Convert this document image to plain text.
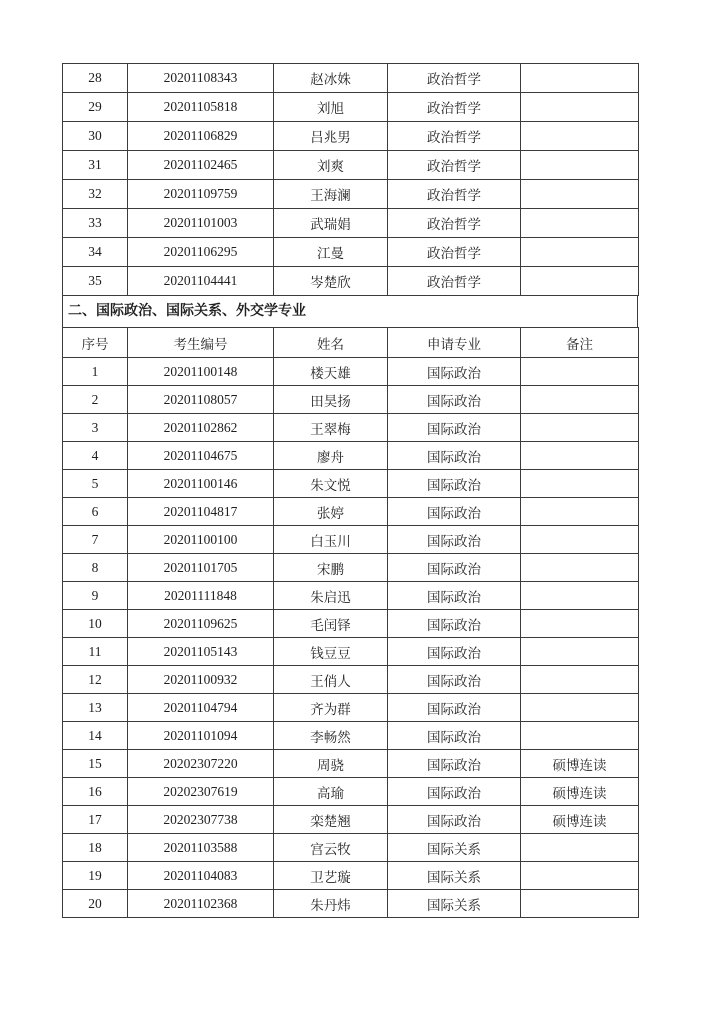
28	20201108343	赵冰姝	政治哲学	
29	20201105818	刘旭	政治哲学	
30	20201106829	吕兆男	政治哲学	
31	20201102465	刘爽	政治哲学	
32	20201109759	王海澜	政治哲学	
33	20201101003	武瑞娟	政治哲学	
34	20201106295	江曼	政治哲学	
35	20201104441	岑楚欣	政治哲学	
二、国际政治、国际关系、外交学专业
序号	考生编号	姓名	申请专业	备注
1	20201100148	楼天雄	国际政治	
2	20201108057	田昊扬	国际政治	
3	20201102862	王翠梅	国际政治	
4	20201104675	廖舟	国际政治	
5	20201100146	朱文悦	国际政治	
6	20201104817	张婷	国际政治	
7	20201100100	白玉川	国际政治	
8	20201101705	宋鹏	国际政治	
9	20201111848	朱启迅	国际政治	
10	20201109625	毛闰铎	国际政治	
11	20201105143	钱豆豆	国际政治	
12	20201100932	王俏人	国际政治	
13	20201104794	齐为群	国际政治	
14	20201101094	李畅然	国际政治	
15	20202307220	周骁	国际政治	硕博连读
16	20202307619	高瑜	国际政治	硕博连读
17	20202307738	栾楚翘	国际政治	硕博连读
18	20201103588	宫云牧	国际关系	
19	20201104083	卫艺璇	国际关系	
20	20201102368	朱丹炜	国际关系	
